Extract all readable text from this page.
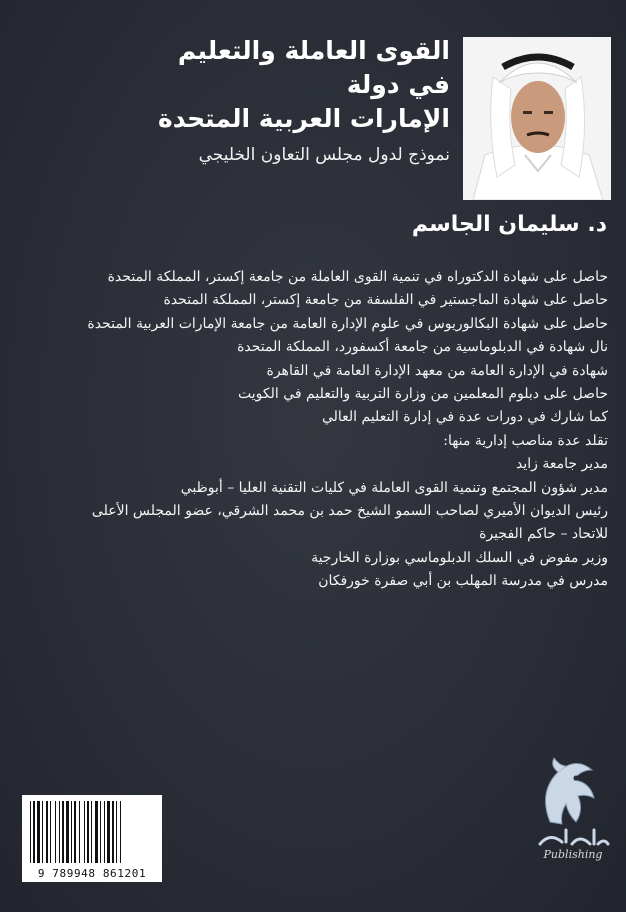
القوى العاملة والتعليم
في دولة
الإمارات العربية المتحدة
نموذج لدول مجلس التعاون الخليجي
د. سليمان الجاسم
حاصل على شهادة الدكتوراه في تنمية القوى العاملة من جامعة إكستر، المملكة المتحدة
حاصل على شهادة الماجستير في الفلسفة من جامعة إكستر، المملكة المتحدة
حاصل على شهادة البكالوريوس في علوم الإدارة العامة من جامعة الإمارات العربية المتحدة
نال شهادة في الدبلوماسية من جامعة أكسفورد، المملكة المتحدة
شهادة في الإدارة العامة من معهد الإدارة العامة في القاهرة
حاصل على دبلوم المعلمين من وزارة التربية والتعليم في الكويت
كما شارك في دورات عدة في إدارة التعليم العالي
تقلد عدة مناصب إدارية منها:
مدير جامعة زايد
مدير شؤون المجتمع وتنمية القوى العاملة في كليات التقنية العليا – أبوظبي
رئيس الديوان الأميري لصاحب السمو الشيخ حمد بن محمد الشرقي، عضو المجلس الأعلى
للاتحاد – حاكم الفجيرة
وزير مفوض في السلك الدبلوماسي بوزارة الخارجية
مدرس في مدرسة المهلب بن أبي صفرة خورفكان
9 789948 861201
Publishing
